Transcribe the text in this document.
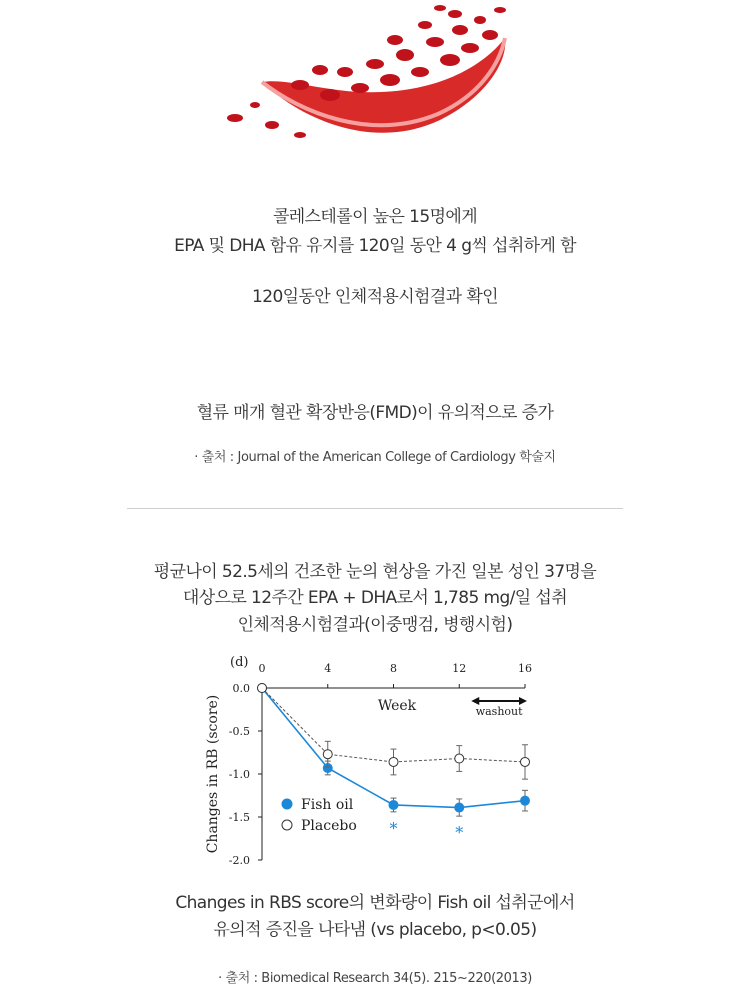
콜레스테롤이 높은 15명에게
EPA 및 DHA 함유 유지를 120일 동안 4 g씩 섭취하게 함
120일동안 인체적용시험결과 확인
혈류 매개 혈관 확장반응(FMD)이 유의적으로 증가
· 출처 : Journal of the American College of Cardiology 학술지
평균나이 52.5세의 건조한 눈의 현상을 가진 일본 성인 37명을
대상으로 12주간 EPA + DHA로서 1,785 mg/일 섭취
인체적용시험결과(이중맹검, 병행시험)
(d) 0	4	8	12	16
0.0
-0.5
-1.0
-1.5
-2.0
Changes in RB (score)	Week	washout
Fish oil
Placebo *	*
Changes in RBS score의 변화량이 Fish oil 섭취군에서
유의적 증진을 나타냄 (vs placebo, p<0.05)
· 출처 : Biomedical Research 34(5). 215~220(2013)
